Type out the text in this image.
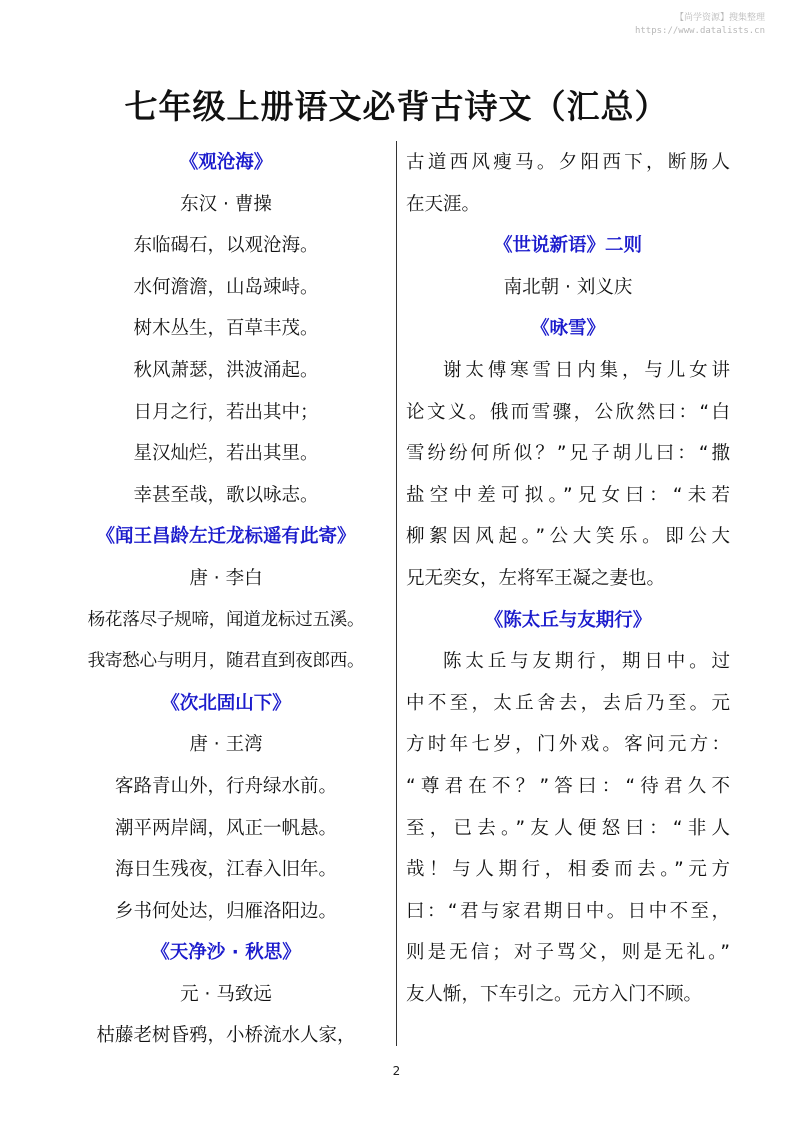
【尚学资源】搜集整理
https://www.datalists.cn
七年级上册语文必背古诗文（汇总）
《观沧海》
东汉 · 曹操
东临碣石，以观沧海。
水何澹澹，山岛竦峙。
树木丛生，百草丰茂。
秋风萧瑟，洪波涌起。
日月之行，若出其中；
星汉灿烂，若出其里。
幸甚至哉，歌以咏志。
《闻王昌龄左迁龙标遥有此寄》
唐 · 李白
杨花落尽子规啼，闻道龙标过五溪。
我寄愁心与明月，随君直到夜郎西。
《次北固山下》
唐 · 王湾
客路青山外，行舟绿水前。
潮平两岸阔，风正一帆悬。
海日生残夜，江春入旧年。
乡书何处达，归雁洛阳边。
《天净沙 · 秋思》
元 · 马致远
枯藤老树昏鸦，小桥流水人家，
古道西风瘦马。夕阳西下，断肠人
在天涯。
《世说新语》二则
南北朝 · 刘义庆
《咏雪》
谢太傅寒雪日内集，与儿女讲
论文义。俄而雪骤，公欣然曰：“白
雪纷纷何所似？”兄子胡儿曰：“撒
盐空中差可拟。”兄女曰：“未若
柳絮因风起。”公大笑乐。即公大
兄无奕女，左将军王凝之妻也。
《陈太丘与友期行》
陈太丘与友期行，期日中。过
中不至，太丘舍去，去后乃至。元
方时年七岁，门外戏。客问元方：
“尊君在不？”答曰：“待君久不
至，已去。”友人便怒曰：“非人
哉！与人期行，相委而去。”元方
曰：“君与家君期日中。日中不至，
则是无信；对子骂父，则是无礼。”
友人惭，下车引之。元方入门不顾。
2
